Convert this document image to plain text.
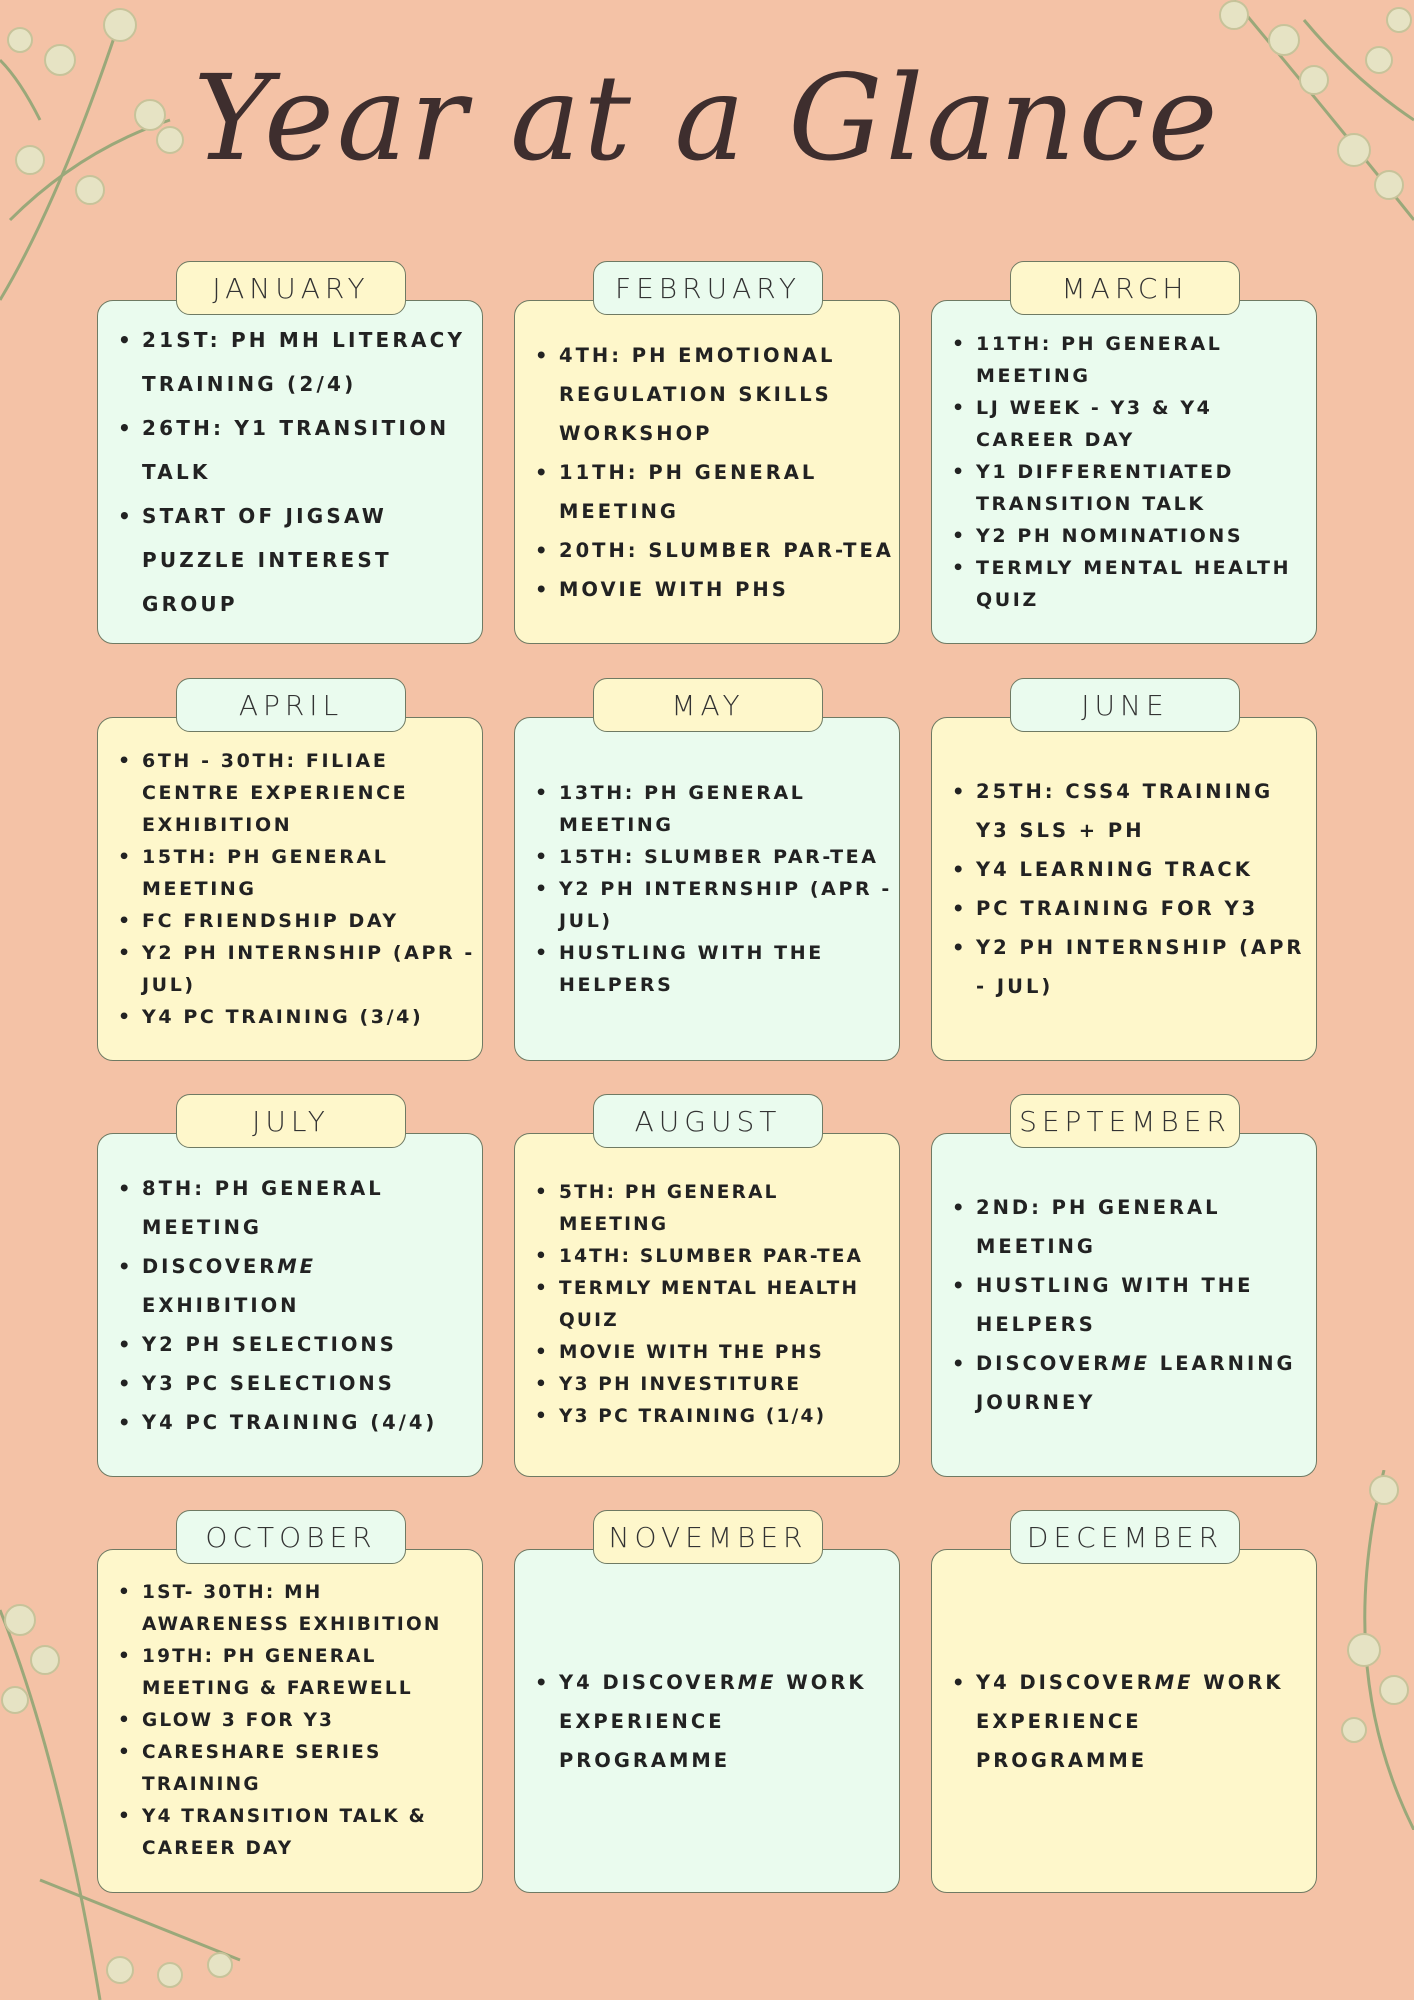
Year at a Glance
JANUARY
• 21ST: PH MH LITERACY TRAINING (2/4)
• 26TH: Y1 TRANSITION TALK
• START OF JIGSAW PUZZLE INTEREST GROUP
FEBRUARY
• 4TH: PH EMOTIONAL REGULATION SKILLS WORKSHOP
• 11TH: PH GENERAL MEETING
• 20TH: SLUMBER PAR-TEA
• MOVIE WITH PHS
MARCH
• 11TH: PH GENERAL MEETING
• LJ WEEK - Y3 & Y4 CAREER DAY
• Y1 DIFFERENTIATED TRANSITION TALK
• Y2 PH NOMINATIONS
• TERMLY MENTAL HEALTH QUIZ
APRIL
• 6TH - 30TH: FILIAE CENTRE EXPERIENCE EXHIBITION
• 15TH: PH GENERAL MEETING
• FC FRIENDSHIP DAY
• Y2 PH INTERNSHIP (APR - JUL)
• Y4 PC TRAINING (3/4)
MAY
• 13TH: PH GENERAL MEETING
• 15TH: SLUMBER PAR-TEA
• Y2 PH INTERNSHIP (APR - JUL)
• HUSTLING WITH THE HELPERS
JUNE
• 25TH: CSS4 TRAINING Y3 SLS + PH
• Y4 LEARNING TRACK
• PC TRAINING FOR Y3
• Y2 PH INTERNSHIP (APR - JUL)
JULY
• 8TH: PH GENERAL MEETING
• DISCOVERME EXHIBITION
• Y2 PH SELECTIONS
• Y3 PC SELECTIONS
• Y4 PC TRAINING (4/4)
AUGUST
• 5TH: PH GENERAL MEETING
• 14TH: SLUMBER PAR-TEA
• TERMLY MENTAL HEALTH QUIZ
• MOVIE WITH THE PHS
• Y3 PH INVESTITURE
• Y3 PC TRAINING (1/4)
SEPTEMBER
• 2ND: PH GENERAL MEETING
• HUSTLING WITH THE HELPERS
• DISCOVERME LEARNING JOURNEY
OCTOBER
• 1ST- 30TH: MH AWARENESS EXHIBITION
• 19TH: PH GENERAL MEETING & FAREWELL
• GLOW 3 FOR Y3
• CARESHARE SERIES TRAINING
• Y4 TRANSITION TALK & CAREER DAY
NOVEMBER
• Y4 DISCOVERME WORK EXPERIENCE PROGRAMME
DECEMBER
• Y4 DISCOVERME WORK EXPERIENCE PROGRAMME
